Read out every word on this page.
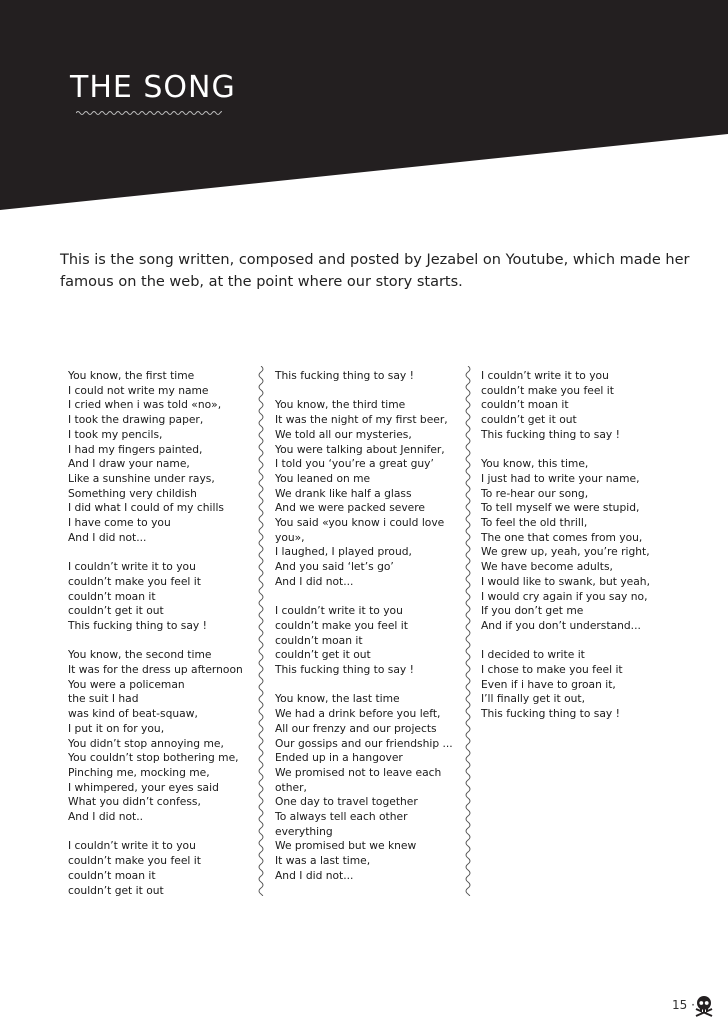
THE SONG

This is the song written, composed and posted by Jezabel on Youtube, which made her famous on the web, at the point where our story starts.

You know, the first time
I could not write my name
I cried when i was told «no»,
I took the drawing paper,
I took my pencils,
I had my fingers painted,
And I draw your name,
Like a sunshine under rays,
Something very childish
I did what I could of my chills
I have come to you
And I did not...
I couldn’t write it to you
couldn’t make you feel it
couldn’t moan it
couldn’t get it out
This fucking thing to say !
You know, the second time
It was for the dress up afternoon
You were a policeman
the suit I had
was kind of beat-squaw,
I put it on for you,
You didn’t stop annoying me,
You couldn’t stop bothering me,
Pinching me, mocking me,
I whimpered, your eyes said
What you didn’t confess,
And I did not..
I couldn’t write it to you
couldn’t make you feel it
couldn’t moan it
couldn’t get it out
This fucking thing to say !
You know, the third time
It was the night of my first beer,
We told all our mysteries,
You were talking about Jennifer,
I told you ‘you’re a great guy’
You leaned on me
We drank like half a glass
And we were packed severe
You said «you know i could love
you»,
I laughed, I played proud,
And you said ‘let’s go’
And I did not...
I couldn’t write it to you
couldn’t make you feel it
couldn’t moan it
couldn’t get it out
This fucking thing to say !
You know, the last time
We had a drink before you left,
All our frenzy and our projects
Our gossips and our friendship ...
Ended up in a hangover
We promised not to leave each
other,
One day to travel together
To always tell each other
everything
We promised but we knew
It was a last time,
And I did not...
I couldn’t write it to you
couldn’t make you feel it
couldn’t moan it
couldn’t get it out
This fucking thing to say !
You know, this time,
I just had to write your name,
To re-hear our song,
To tell myself we were stupid,
To feel the old thrill,
The one that comes from you,
We grew up, yeah, you’re right,
We have become adults,
I would like to swank, but yeah,
I would cry again if you say no,
If you don’t get me
And if you don’t understand...
I decided to write it
I chose to make you feel it
Even if i have to groan it,
I’ll finally get it out,
This fucking thing to say !
15 ·
